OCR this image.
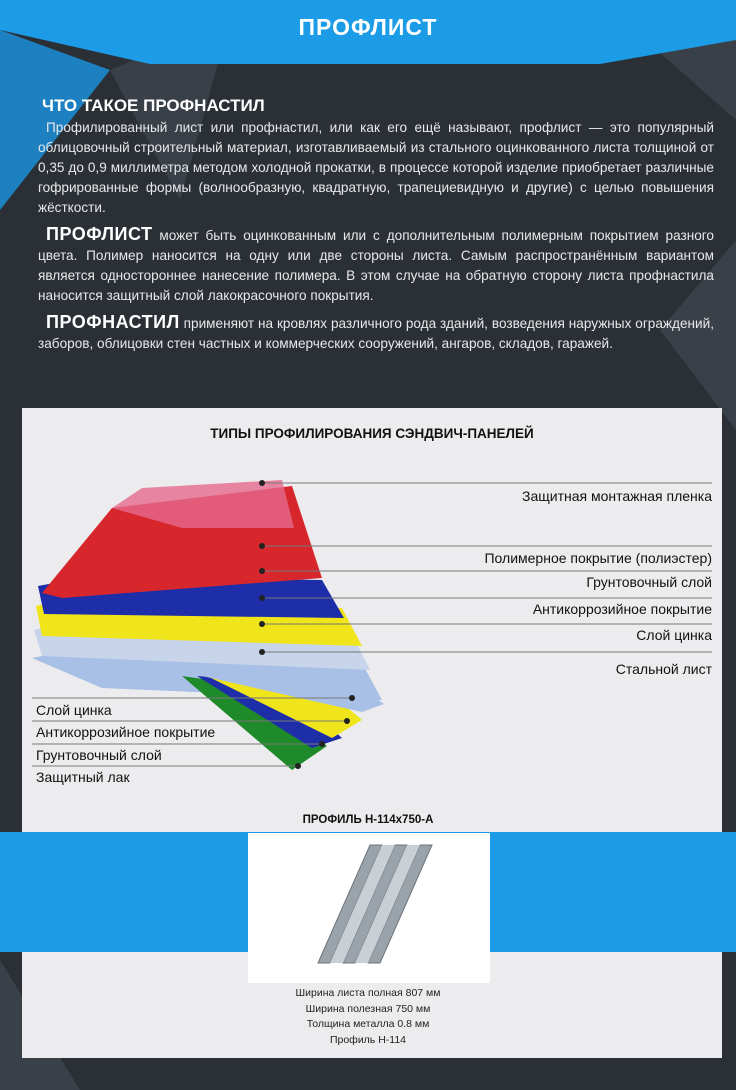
ПРОФЛИСТ
ЧТО ТАКОЕ ПРОФНАСТИЛ

Профилированный лист или профнастил, или как его ещё называют, профлист — это популярный облицовочный строительный материал, изготавливаемый из стального оцинкованного листа толщиной от 0,35 до 0,9 миллиметра методом холодной прокатки, в процессе которой изделие приобретает различные гофрированные формы (волнообразную, квадратную, трапециевидную и другие) с целью повышения жёсткости.

ПРОФЛИСТ может быть оцинкованным или с дополнительным полимерным покрытием разного цвета. Полимер наносится на одну или две стороны листа. Самым распространённым вариантом является одностороннее нанесение полимера. В этом случае на обратную сторону листа профнастила наносится защитный слой лакокрасочного покрытия.

ПРОФНАСТИЛ применяют на кровлях различного рода зданий, возведения наружных ограждений, заборов, облицовки стен частных и коммерческих сооружений, ангаров, складов, гаражей.

ТИПЫ ПРОФИЛИРОВАНИЯ СЭНДВИЧ-ПАНЕЛЕЙ
Защитная монтажная пленка
Полимерное покрытие (полиэстер)
Грунтовочный слой
Антикоррозийное покрытие
Слой цинка
Стальной лист
Слой цинка
Антикоррозийное покрытие
Грунтовочный слой
Защитный лак
ПРОФИЛЬ Н-114х750-А
Ширина листа полная 807 мм
Ширина полезная 750 мм
Толщина металла 0.8 мм
Профиль Н-114
